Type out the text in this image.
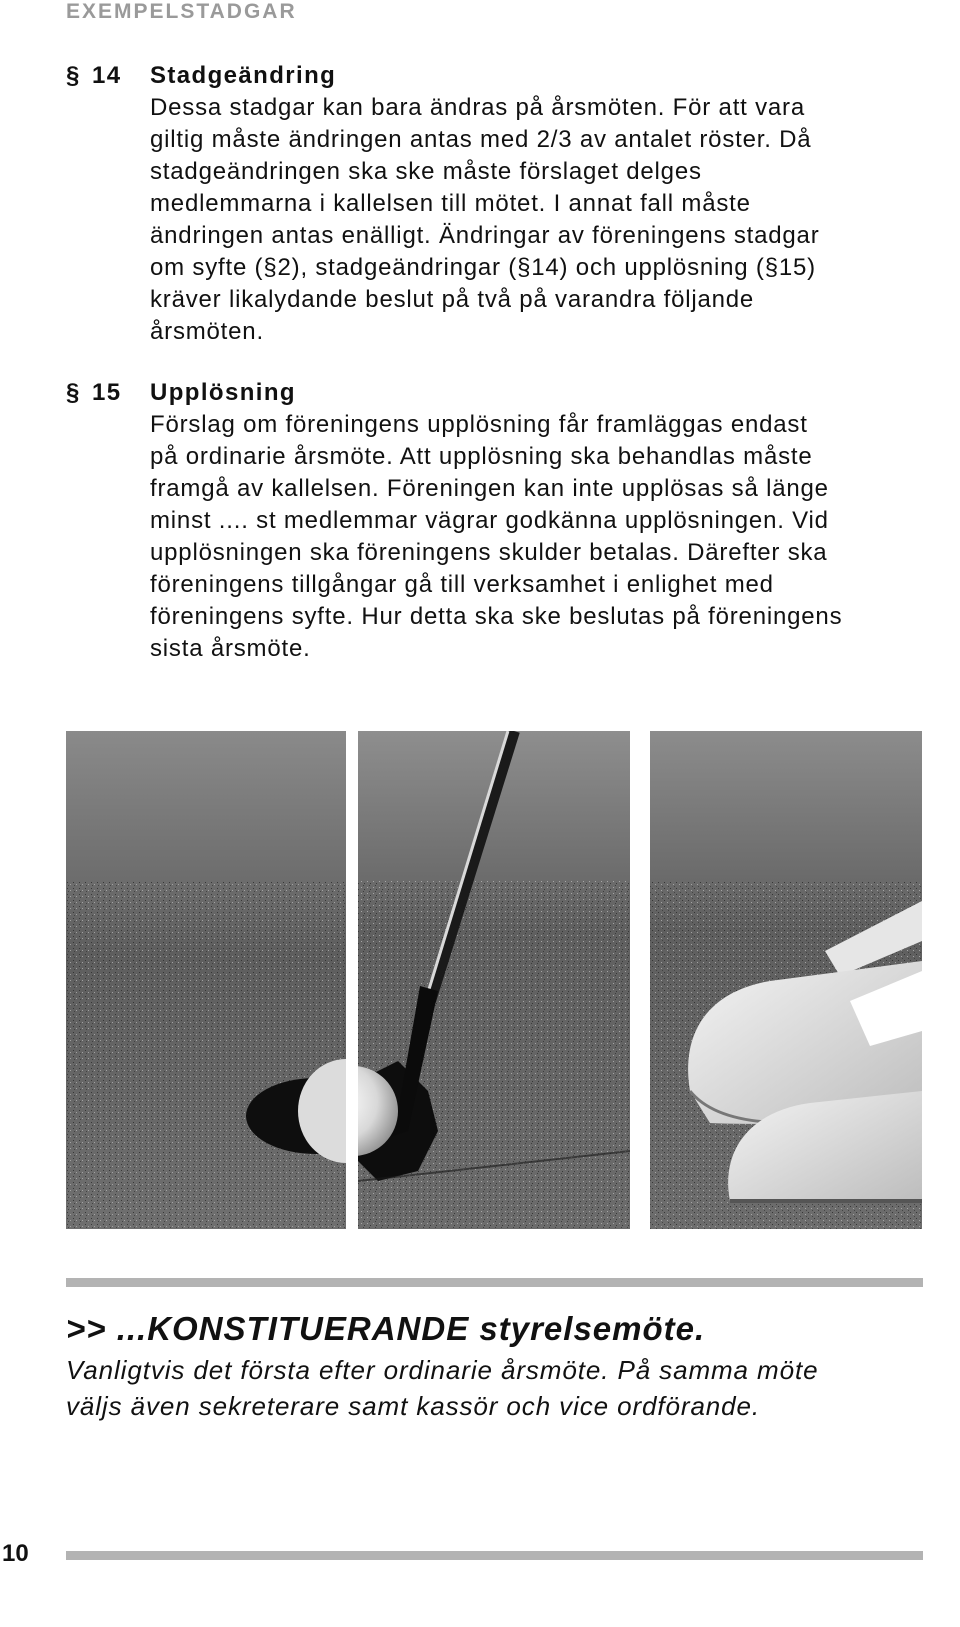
EXEMPELSTADGAR
§ 14	Stadgeändring

Dessa stadgar kan bara ändras på årsmöten. För att vara

giltig måste ändringen antas med 2/3 av antalet röster. Då

stadgeändringen ska ske måste förslaget delges

medlemmarna i kallelsen till mötet. I annat fall måste

ändringen antas enälligt. Ändringar av föreningens stadgar

om syfte (§2), stadgeändringar (§14) och upplösning (§15)

kräver likalydande beslut på två på varandra följande

årsmöten.

§ 15	Upplösning

Förslag om föreningens upplösning får framläggas endast

på ordinarie årsmöte. Att upplösning ska behandlas måste

framgå av kallelsen. Föreningen kan inte upplösas så länge

minst .... st medlemmar vägrar godkänna upplösningen. Vid

upplösningen ska föreningens skulder betalas. Därefter ska

föreningens tillgångar gå till verksamhet i enlighet med

föreningens syfte. Hur detta ska ske beslutas på föreningens

sista årsmöte.

>> ...KONSTITUERANDE styrelsemöte.

Vanligtvis det första efter ordinarie årsmöte. På samma möte

väljs även sekreterare samt kassör och vice ordförande.

10
